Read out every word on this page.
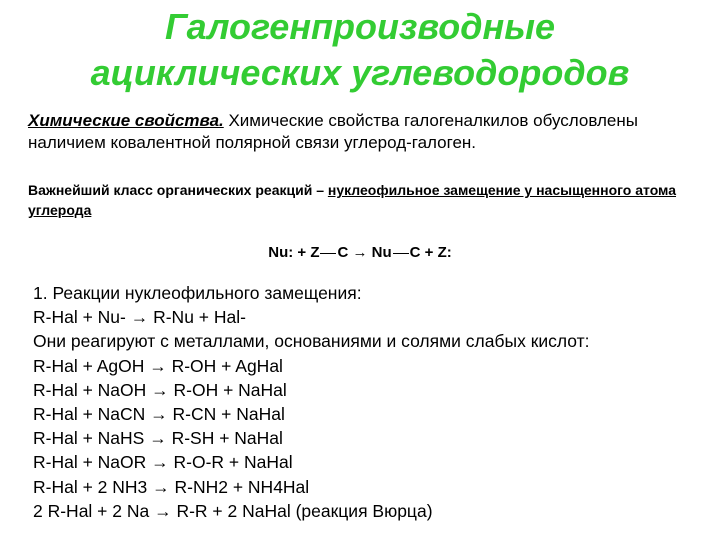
Галогенпроизводные
ациклических углеводородов
Химические свойства. Химические свойства галогеналкилов обусловлены наличием ковалентной полярной связи углерод-галоген.
Важнейший класс органических реакций – нуклеофильное замещение у насыщенного атома углерода
Nu: + Z C → Nu C + Z:
1. Реакции нуклеофильного замещения:
R-Hal + Nu- → R-Nu + Hal-
Они реагируют с металлами, основаниями и солями слабых кислот:
R-Hal + AgOH → R-OH + AgHal
R-Hal + NaOH → R-OH + NaHal
R-Hal + NaCN → R-CN + NaHal
R-Hal + NaHS → R-SH + NaHal
R-Hal + NaOR → R-O-R + NaHal
R-Hal + 2 NH3 → R-NH2 + NH4Hal
2 R-Hal + 2 Na → R-R + 2 NaHal (реакция Вюрца)
